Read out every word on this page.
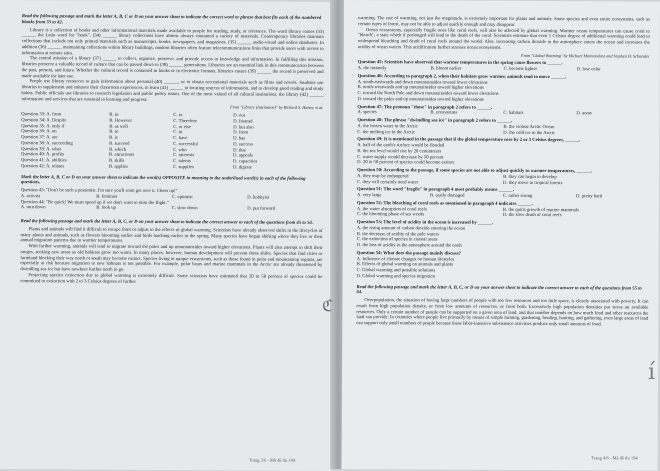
Read the following passage and mark the letter A, B, C or D on your answer sheet to indicate the correct word or phrase that best fits each of the numbered blanks from 33 to 42.

Library is a collection of books and other informational materials made available to people for reading, study, or reference. The word library comes (33) ______ the Latin word for "book". (34) ______ library collections have almost always contained a variety of materials. Contemporary libraries maintain collections that include not only printed materials such as manuscripts, books, newspapers, and magazines, (35) ______ audio-visual and online databases. In addition (36) ______ maintaining collections within library buildings, modern libraries often feature telecommunications links that provide users with access to information at remote sites.

The central mission of a library (37) ______ to collect, organize, preserve, and provide access to knowledge and information. In fulfilling this mission, libraries preserve a valuable record of culture that can be passed down to (38) ______ generations. Libraries are an essential link in this communication between the past, present, and future. Whether the cultural record is contained in books or in electronic formats, libraries ensure (39) ______ the record is preserved and made available for later use.

People use library resources to gain information about personal (40) ______, or to obtain recreational materials such as films and novels. Students use libraries to supplement and enhance their classroom experiences, to learn (41) ______ in locating sources of information, and to develop good reading and study habits. Public officials use libraries to research legislation and public policy issues. One of the most valued of all cultural institutions, the library (42) ______ information and services that are essential to learning and progress.

From "Library (Institution)" by Richard S. Halsey et al.

Question 33: A. from	B. in	C. to	D. out
Question 34: A. Despite	B. However	C. Therefore	D. Instead
Question 35: A. only if	B. as well	C. or else	D. but also
Question 36: A. on	B. to	C. in	D. from
Question 37: A. are	B. is	C. have	D. has
Question 38: A. succeeding	B. succeed	C. successful	D. success
Question 39: A. what	B. which	C. who	D. that
Question 40: A. profits	B. attractions	C. interests	D. appeals
Question 41: A. abilities	B. skills	C. talents	D. capacities
Question 42: A. relates	B. applies	C. supplies	D. digests

Mark the letter A, B, C or D on your answer sheet to indicate the word(s) OPPOSITE in meaning to the underlined word(s) in each of the following questions.

Question 43: "Don't be such a pessimist. I'm sure you'll soon get over it. Cheer up!"

A. activist	B. feminist	C. optimist	D. hobbyist

Question 44: "Be quick! We must speed up if we don't want to miss the flight."

A. turn down	B. look up	C. slow down	D. put forward

Read the following passage and mark the letter A, B, C, or D on your answer sheet to indicate the correct answer to each of the questions from 45 to 54.

Plants and animals will find it difficult to escape from or adjust to the effects of global warming. Scientists have already observed shifts in the lifecycles of many plants and animals, such as flowers blooming earlier and birds hatching earlier in the spring. Many species have begun shifting where they live or their annual migration patterns due to warmer temperatures.

With further warming, animals will tend to migrate toward the poles and up mountainsides toward higher elevations. Plants will also attempt to shift their ranges, seeking new areas as old habitats grow too warm. In many places, however, human development will prevent these shifts. Species that find cities or farmland blocking their way north or south may become extinct. Species living in unique ecosystems, such as those found in polar and mountaintop regions, are especially at risk because migration to new habitats is not possible. For example, polar bears and marine mammals in the Arctic are already threatened by dwindling sea ice but have nowhere further north to go.

Projecting species extinction due to global warming is extremely difficult. Some scientists have estimated that 20 to 50 percent of species could be committed to extinction with 2 to 3 Celsius degrees of further

Trang 3/6 - Mã đề thi 194
ℭ

warming. The rate of warming, not just the magnitude, is extremely important for plants and animals. Some species and even entire ecosystems, such as certain types of forest, may not be able to adjust quickly enough and may disappear.

Ocean ecosystems, especially fragile ones like coral reefs, will also be affected by global warming. Warmer ocean temperatures can cause coral to "bleach", a state which if prolonged will lead to the death of the coral. Scientists estimate that even 1 Celsius degree of additional warming could lead to widespread bleaching and death of coral reefs around the world. Also, increasing carbon dioxide in the atmosphere enters the ocean and increases the acidity of ocean waters. This acidification further stresses ocean ecosystems.

From "Global Warming" by Michael Mastrandrea and Stephen H. Schneider

Question 45: Scientists have observed that warmer temperatures in the spring cause flowers to ______.

A. die instantly	B. bloom earlier	C. become lighter	D. lose color

Question 46: According to paragraph 2, when their habitats grow warmer, animals tend to move ______.

A. south-eastwards and down mountainsides toward lower elevations
B. north-westwards and up mountainsides toward higher elevations
C. toward the North Pole and down mountainsides toward lower elevations
D. toward the poles and up mountainsides toward higher elevations

Question 47: The pronoun "those" in paragraph 2 refers to ______.

A. species	B. ecosystems	C. habitats	D. areas

Question 48: The phrase "dwindling sea ice" in paragraph 2 refers to ______.

A. the frozen water in the Arctic	B. the violent Arctic Ocean
C. the melting ice in the Arctic	D. the cold ice in the Arctic

Question 49: It is mentioned in the passage that if the global temperature rose by 2 or 3 Celsius degrees, ______.

A. half of the earth's surface would be flooded
B. the sea level would rise by 20 centimeters
C. water supply would decrease by 50 percent
D. 20 to 50 percent of species could become extinct

Question 50: According to the passage, if some species are not able to adjust quickly to warmer temperatures, ______.

A. they may be endangered	B. they can begin to develop
C. they will certainly need water	D. they move to tropical forests

Question 51: The word "fragile" in paragraph 4 most probably means ______.

A. very large	B. easily damaged	C. rather strong	D. pretty hard

Question 52: The bleaching of coral reefs as mentioned in paragraph 4 indicates ______.

A. the water absorption of coral reefs	B. the quick growth of marine mammals
C. the blooming phase of sea weeds	D. the slow death of coral reefs

Question 53: The level of acidity in the ocean is increased by ______.

A. the rising amount of carbon dioxide entering the ocean
B. the decrease of acidity of the pole waters
C. the extinction of species in coastal areas
D. the loss of acidity in the atmosphere around the earth

Question 54: What does the passage mainly discuss?

A. Influence of climate changes on human lifestyles
B. Effects of global warming on animals and plants
C. Global warming and possible solutions
D. Global warming and species migration

Read the following passage and mark the letter A, B, C, or D on your answer sheet to indicate the correct answer to each of the questions from 55 to 64.

Overpopulation, the situation of having large numbers of people with too few resources and too little space, is closely associated with poverty. It can result from high population density, or from low amounts of resources, or from both. Excessively high population densities put stress on available resources. Only a certain number of people can be supported on a given area of land, and that number depends on how much food and other resources the land can provide. In countries where people live primarily by means of simple farming, gardening, herding, hunting, and gathering, even large areas of land can support only small numbers of people because these labor-intensive subsistence activities produce only small amounts of food.

Trang 4/6 - Mã đề thi 194
í
